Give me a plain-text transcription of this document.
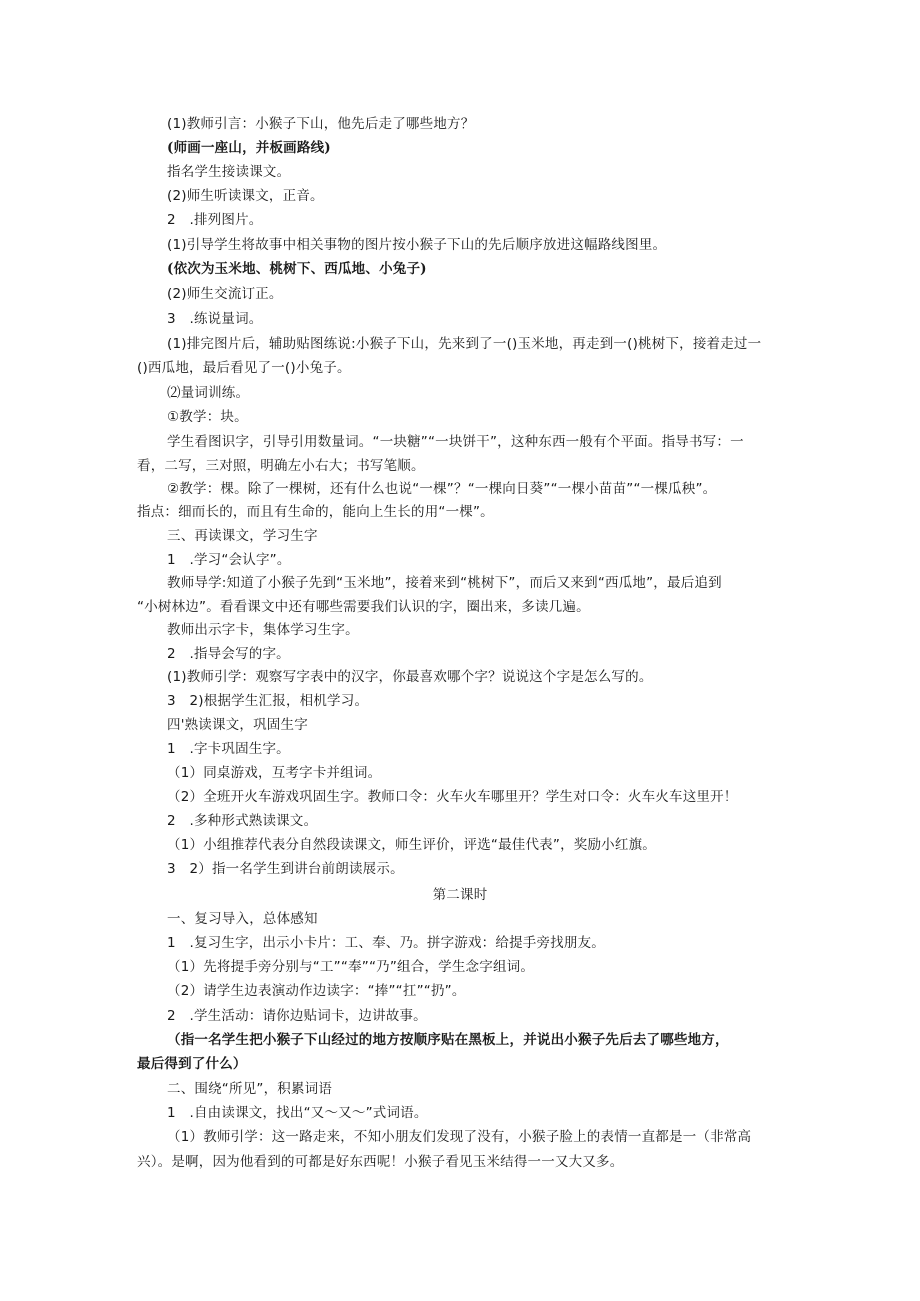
(1)教师引言：小猴子下山，他先后走了哪些地方？
(师画一座山，并板画路线)
指名学生接读课文。
(2)师生听读课文，正音。
2　.排列图片。
(1)引导学生将故事中相关事物的图片按小猴子下山的先后顺序放进这幅路线图里。
(依次为玉米地、桃树下、西瓜地、小兔子)
(2)师生交流订正。
3　.练说量词。
(1)排完图片后，辅助贴图练说:小猴子下山，先来到了一()玉米地，再走到一()桃树下，接着走过一
()西瓜地，最后看见了一()小兔子。
⑵量词训练。
①教学：块。
学生看图识字，引导引用数量词。“一块糖”“一块饼干”，这种东西一般有个平面。指导书写：一
看，二写，三对照，明确左小右大；书写笔顺。
②教学：棵。除了一棵树，还有什么也说“一棵”？“一棵向日葵”“一棵小苗苗”“一棵瓜秧”。
指点：细而长的，而且有生命的，能向上生长的用“一棵”。
三、再读课文，学习生字
1　.学习“会认字”。
教师导学:知道了小猴子先到“玉米地”，接着来到“桃树下”，而后又来到“西瓜地”，最后追到
“小树林边”。看看课文中还有哪些需要我们认识的字，圈出来，多读几遍。
教师出示字卡，集体学习生字。
2　.指导会写的字。
(1)教师引学：观察写字表中的汉字，你最喜欢哪个字？说说这个字是怎么写的。
3　2)根据学生汇报，相机学习。
四'熟读课文，巩固生字
1　.字卡巩固生字。
（1）同桌游戏，互考字卡并组词。
（2）全班开火车游戏巩固生字。教师口令：火车火车哪里开？学生对口令：火车火车这里开！
2　.多种形式熟读课文。
（1）小组推荐代表分自然段读课文，师生评价，评选“最佳代表”，奖励小红旗。
3　2）指一名学生到讲台前朗读展示。
第二课时
一、复习导入，总体感知
1　.复习生字，出示小卡片：工、奉、乃。拼字游戏：给提手旁找朋友。
（1）先将提手旁分别与“工”“奉”“乃”组合，学生念字组词。
（2）请学生边表演动作边读字：“捧”“扛”“扔”。
2　.学生活动：请你边贴词卡，边讲故事。
（指一名学生把小猴子下山经过的地方按顺序贴在黑板上，并说出小猴子先后去了哪些地方，
最后得到了什么）
二、围绕“所见”，积累词语
1　.自由读课文，找出“又～又～”式词语。
（1）教师引学：这一路走来，不知小朋友们发现了没有，小猴子脸上的表情一直都是一（非常高
兴）。是啊，因为他看到的可都是好东西呢！小猴子看见玉米结得一一又大又多。
